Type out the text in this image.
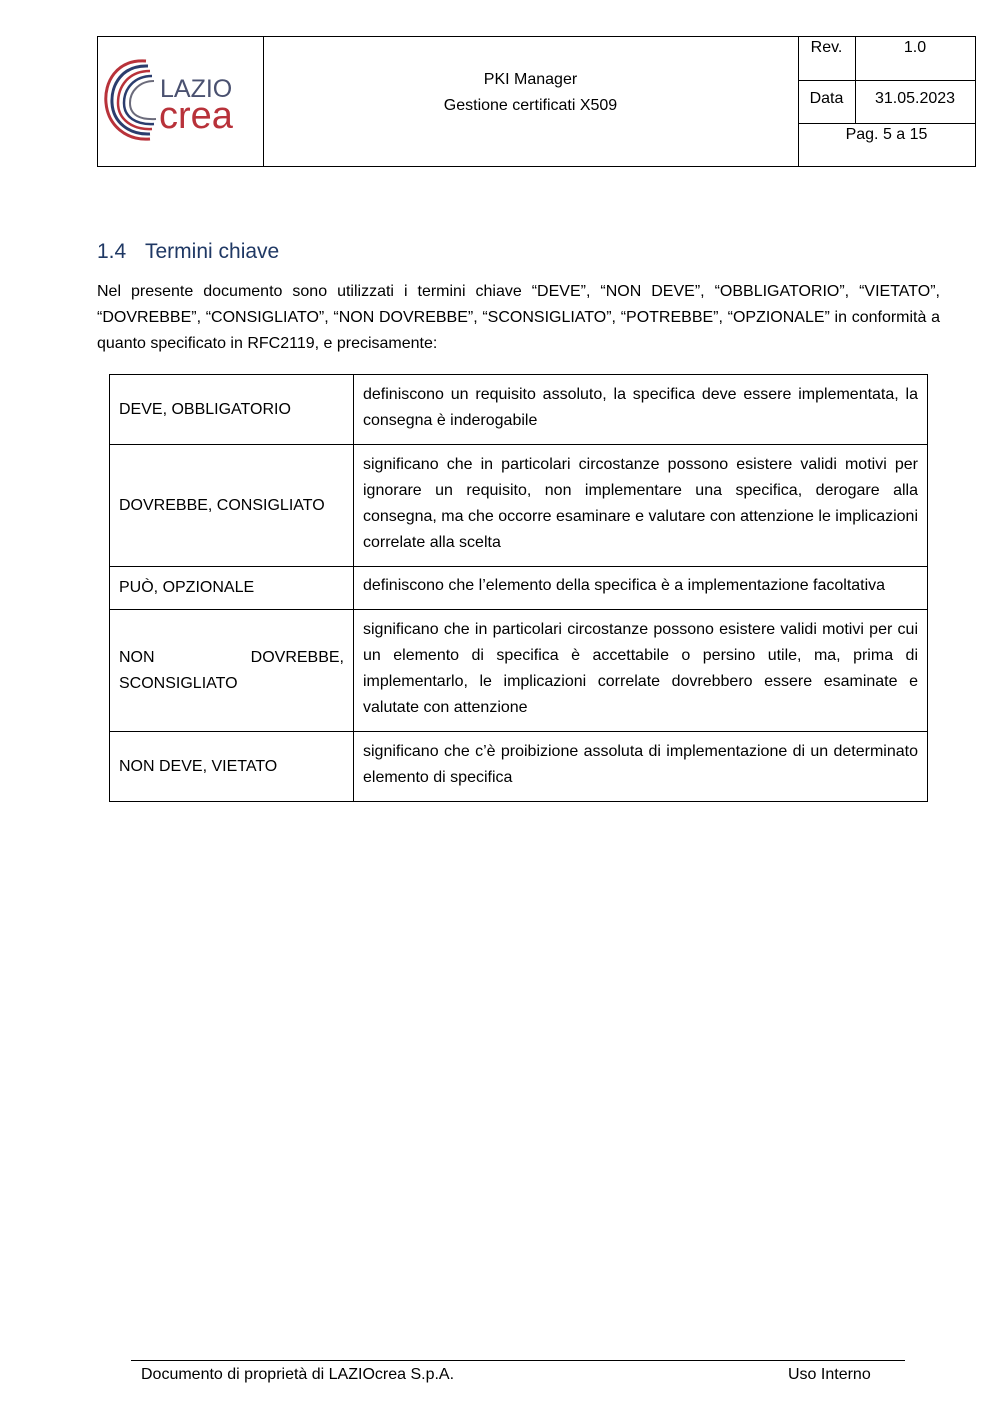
LAZIO
crea
PKI Manager
Gestione certificati X509
Rev.	1.0
Data	31.05.2023
Pag. 5 a 15
1.4 Termini chiave
Nel presente documento sono utilizzati i termini chiave “DEVE”, “NON DEVE”, “OBBLIGATORIO”, “VIETATO”, “DOVREBBE”, “CONSIGLIATO”, “NON DOVREBBE”, “SCONSIGLIATO”, “POTREBBE”, “OPZIONALE” in conformità a quanto specificato in RFC2119, e precisamente:
DEVE, OBBLIGATORIO	definiscono un requisito assoluto, la specifica deve essere implementata, la consegna è inderogabile
DOVREBBE, CONSIGLIATO	significano che in particolari circostanze possono esistere validi motivi per ignorare un requisito, non implementare una specifica, derogare alla consegna, ma che occorre esaminare e valutare con attenzione le implicazioni correlate alla scelta
PUÒ, OPZIONALE	definiscono che l’elemento della specifica è a implementazione facoltativa
NON DOVREBBE, SCONSIGLIATO	significano che in particolari circostanze possono esistere validi motivi per cui un elemento di specifica è accettabile o persino utile, ma, prima di implementarlo, le implicazioni correlate dovrebbero essere esaminate e valutate con attenzione
NON DEVE, VIETATO	significano che c’è proibizione assoluta di implementazione di un determinato elemento di specifica
Documento di proprietà di LAZIOcrea S.p.A.	Uso Interno
